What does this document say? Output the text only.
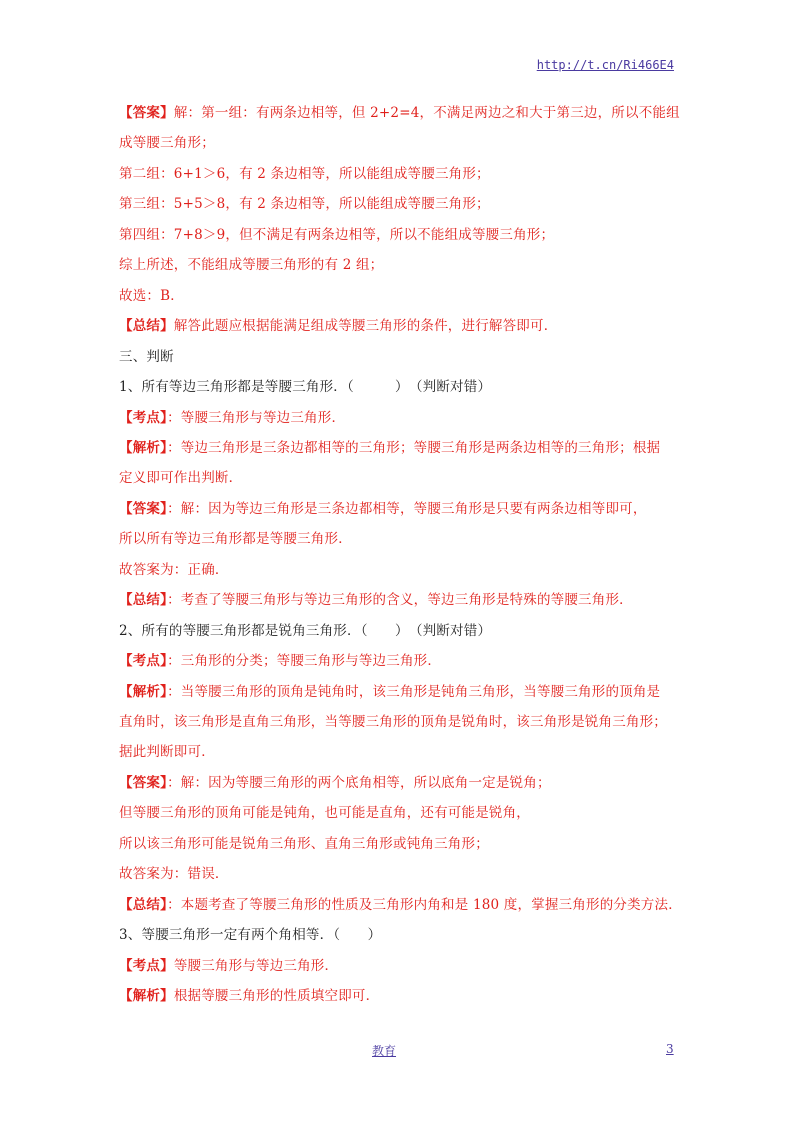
http://t.cn/Ri466E4
【答案】解：第一组：有两条边相等，但 2+2=4，不满足两边之和大于第三边，所以不能组
成等腰三角形；
第二组：6+1＞6，有 2 条边相等，所以能组成等腰三角形；
第三组：5+5＞8，有 2 条边相等，所以能组成等腰三角形；
第四组：7+8＞9，但不满足有两条边相等，所以不能组成等腰三角形；
综上所述，不能组成等腰三角形的有 2 组；
故选：B．
【总结】解答此题应根据能满足组成等腰三角形的条件，进行解答即可．
三、判断
1、所有等边三角形都是等腰三角形．（　　　）　（判断对错）
【考点】：等腰三角形与等边三角形．
【解析】：等边三角形是三条边都相等的三角形；等腰三角形是两条边相等的三角形；根据
定义即可作出判断．
【答案】：解：因为等边三角形是三条边都相等，等腰三角形是只要有两条边相等即可，
所以所有等边三角形都是等腰三角形．
故答案为：正确．
【总结】：考查了等腰三角形与等边三角形的含义，等边三角形是特殊的等腰三角形．
2、所有的等腰三角形都是锐角三角形．（　　）　（判断对错）
【考点】：三角形的分类；等腰三角形与等边三角形．
【解析】：当等腰三角形的顶角是钝角时，该三角形是钝角三角形，当等腰三角形的顶角是
直角时，该三角形是直角三角形，当等腰三角形的顶角是锐角时，该三角形是锐角三角形；
据此判断即可．
【答案】：解：因为等腰三角形的两个底角相等，所以底角一定是锐角；
但等腰三角形的顶角可能是钝角，也可能是直角，还有可能是锐角，
所以该三角形可能是锐角三角形、直角三角形或钝角三角形；
故答案为：错误．
【总结】：本题考查了等腰三角形的性质及三角形内角和是 180 度，掌握三角形的分类方法．
3、等腰三角形一定有两个角相等．（　　）
【考点】等腰三角形与等边三角形．
【解析】根据等腰三角形的性质填空即可．
教育	3
